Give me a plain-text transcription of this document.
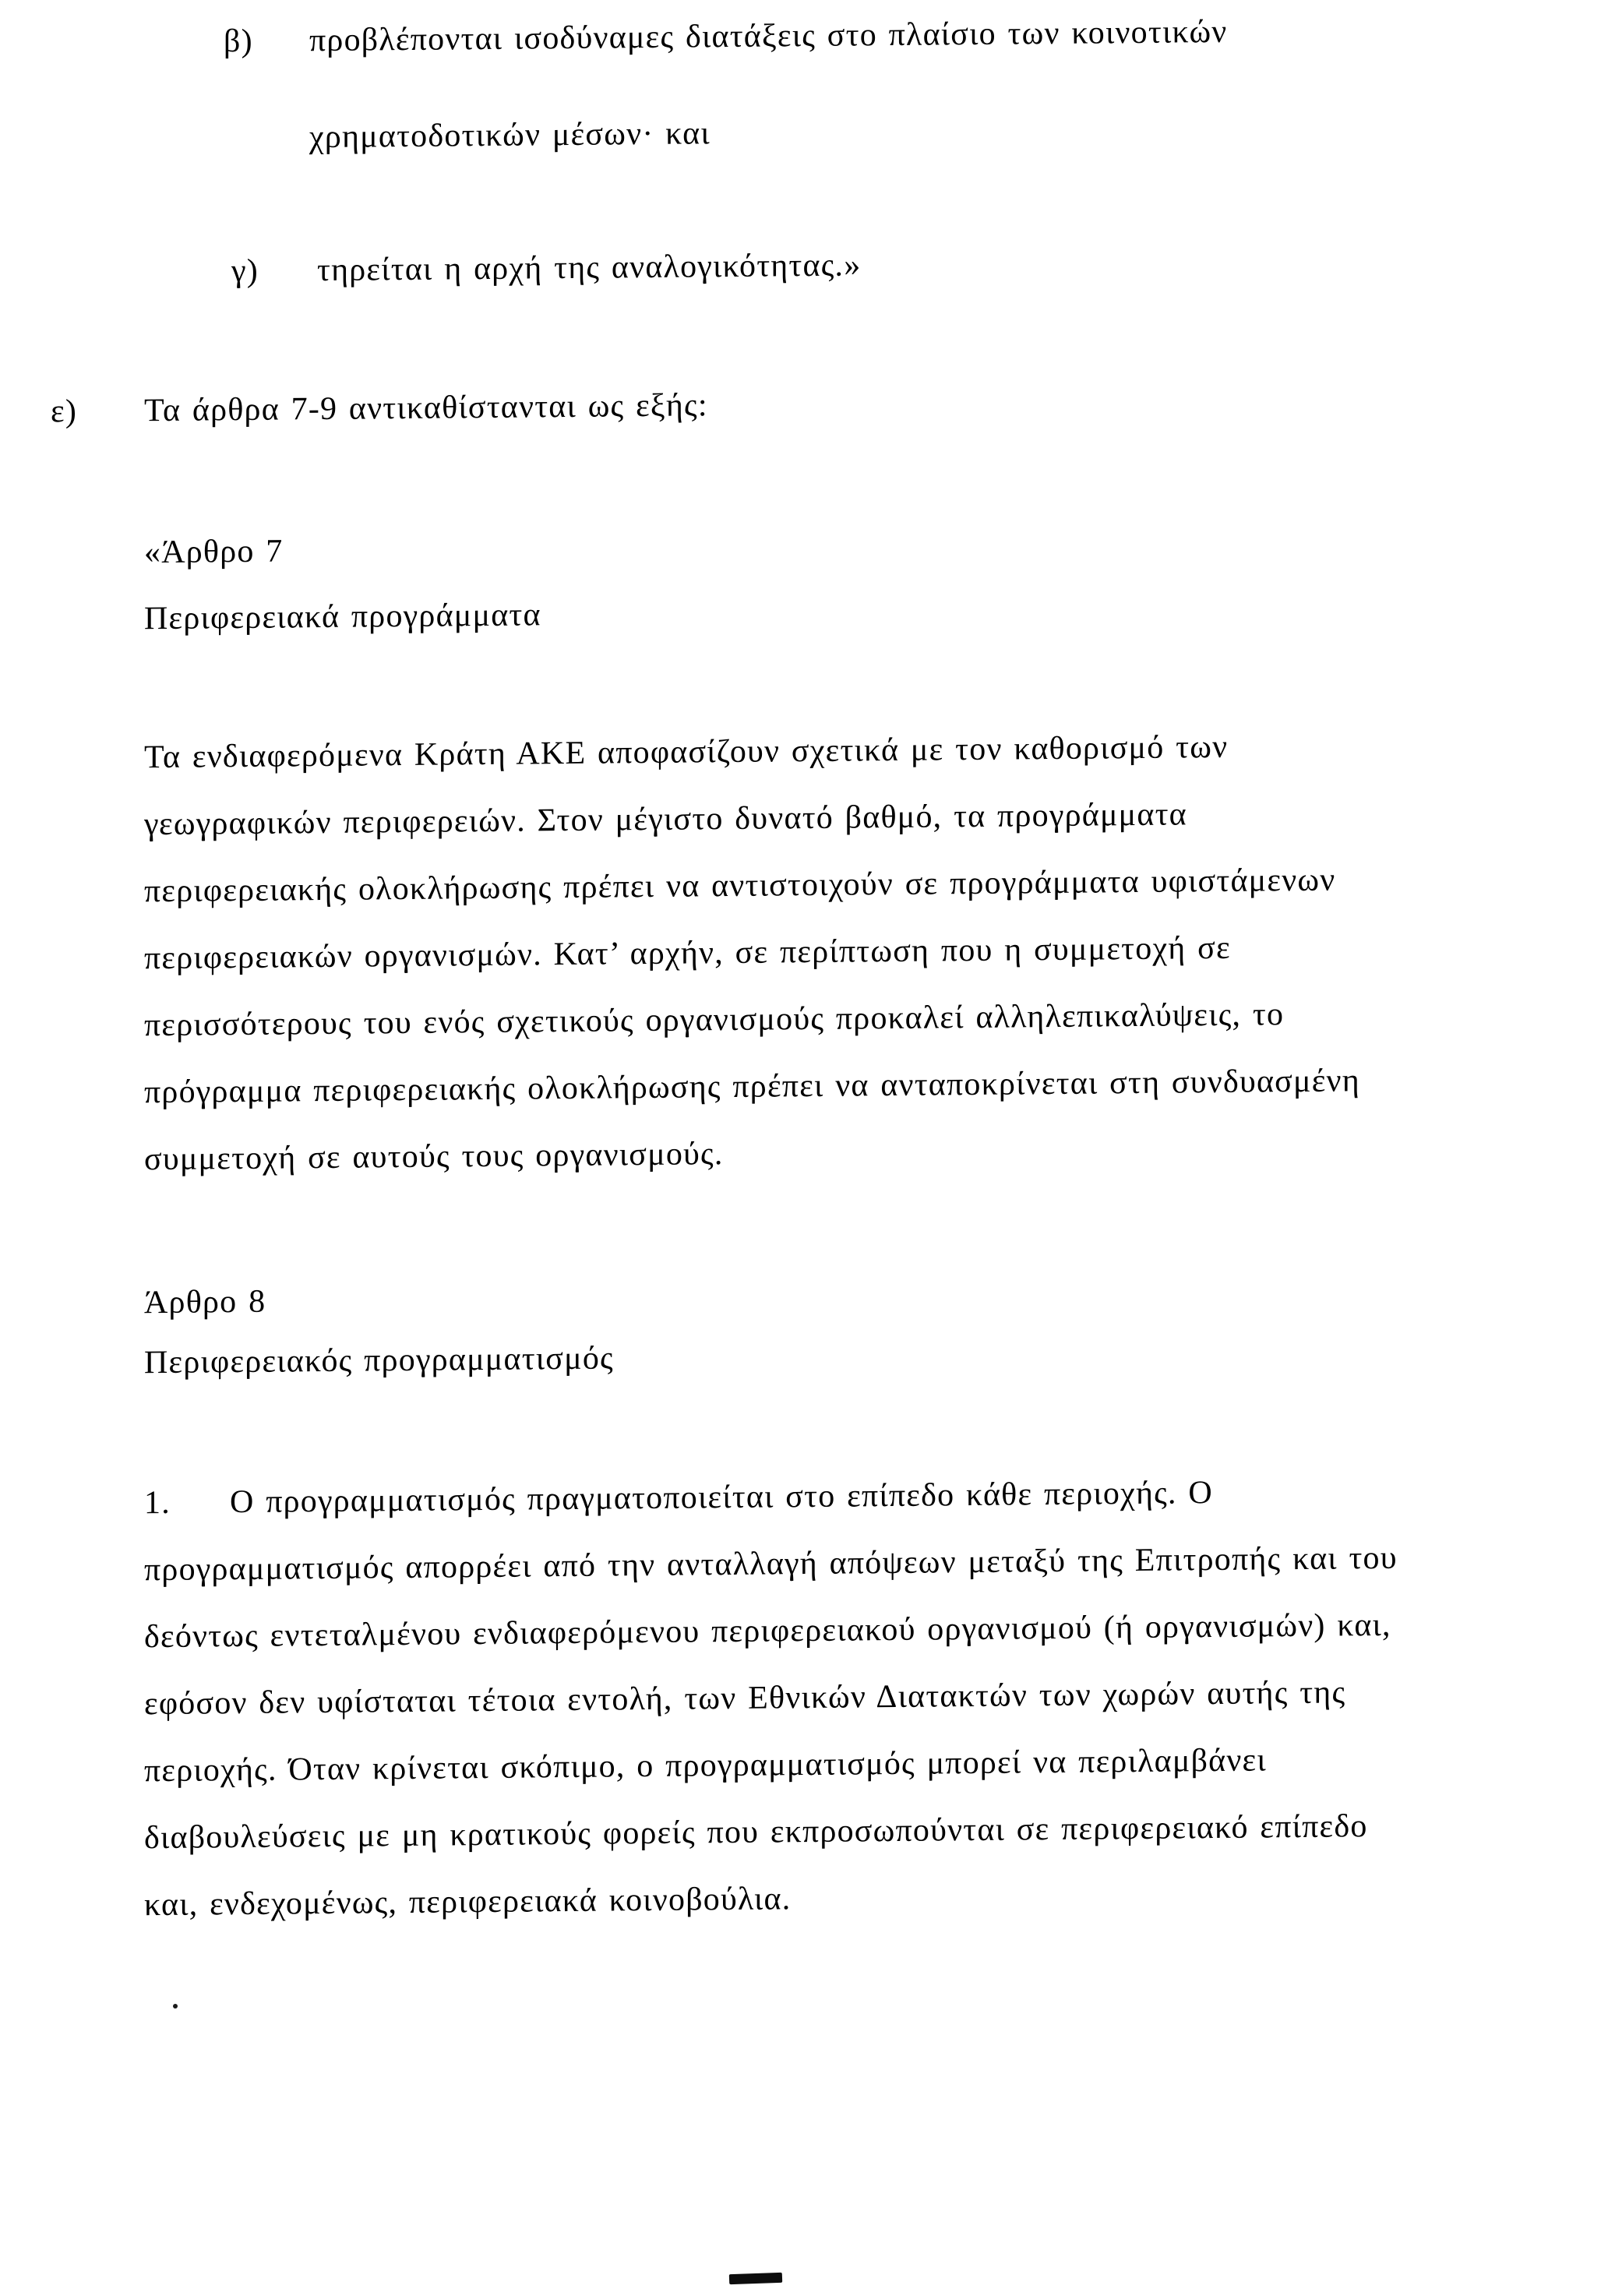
β)	προβλέπονται ισοδύναμες διατάξεις στο πλαίσιο των κοινοτικών
χρηματοδοτικών μέσων· και
γ)	τηρείται η αρχή της αναλογικότητας.»
ε)	Τα άρθρα 7-9 αντικαθίστανται ως εξής:
«Άρθρο 7
Περιφερειακά προγράμματα
Τα ενδιαφερόμενα Κράτη ΑΚΕ αποφασίζουν σχετικά με τον καθορισμό των
γεωγραφικών περιφερειών. Στον μέγιστο δυνατό βαθμό, τα προγράμματα
περιφερειακής ολοκλήρωσης πρέπει να αντιστοιχούν σε προγράμματα υφιστάμενων
περιφερειακών οργανισμών. Κατ’ αρχήν, σε περίπτωση που η συμμετοχή σε
περισσότερους του ενός σχετικούς οργανισμούς προκαλεί αλληλεπικαλύψεις, το
πρόγραμμα περιφερειακής ολοκλήρωσης πρέπει να ανταποκρίνεται στη συνδυασμένη
συμμετοχή σε αυτούς τους οργανισμούς.
Άρθρο 8
Περιφερειακός προγραμματισμός
1. Ο προγραμματισμός πραγματοποιείται στο επίπεδο κάθε περιοχής. Ο
προγραμματισμός απορρέει από την ανταλλαγή απόψεων μεταξύ της Επιτροπής και του
δεόντως εντεταλμένου ενδιαφερόμενου περιφερειακού οργανισμού (ή οργανισμών) και,
εφόσον δεν υφίσταται τέτοια εντολή, των Εθνικών Διατακτών των χωρών αυτής της
περιοχής. Όταν κρίνεται σκόπιμο, ο προγραμματισμός μπορεί να περιλαμβάνει
διαβουλεύσεις με μη κρατικούς φορείς που εκπροσωπούνται σε περιφερειακό επίπεδο
και, ενδεχομένως, περιφερειακά κοινοβούλια.
